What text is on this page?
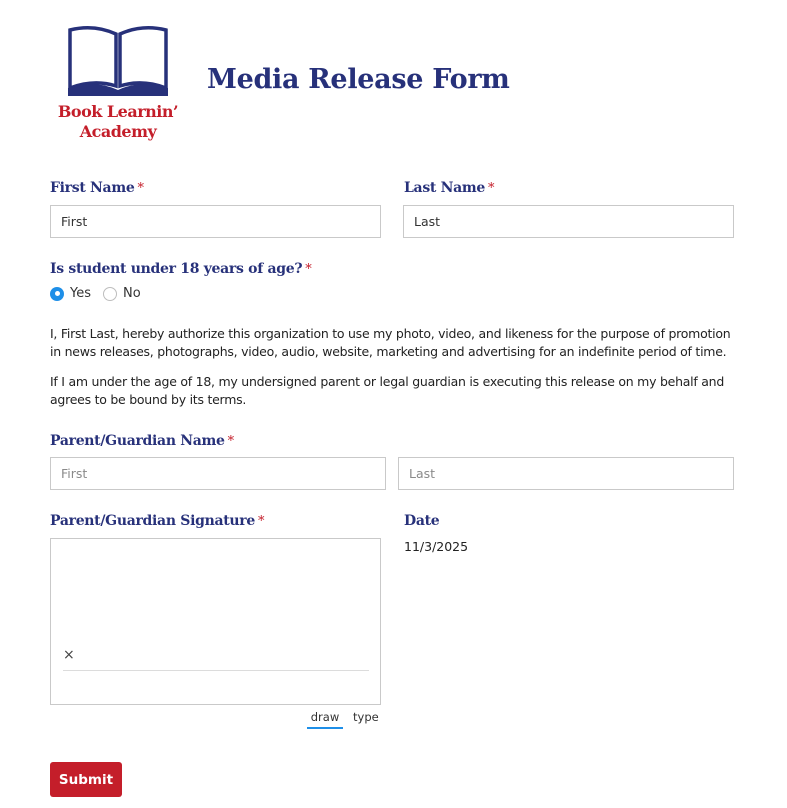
Book Learnin’
Academy
Media Release Form
First Name *
First	Last Name *
Last
Is student under 18 years of age? *
Yes No

I, First Last, hereby authorize this organization to use my photo, video, and likeness for the purpose of promotion in news releases, photographs, video, audio, website, marketing and advertising for an indefinite period of time.

If I am under the age of 18, my undersigned parent or legal guardian is executing this release on my behalf and agrees to be bound by its terms.

Parent/Guardian Name *
First
Last
Parent/Guardian Signature *
×
draw	type
Date
11/3/2025
Submit
